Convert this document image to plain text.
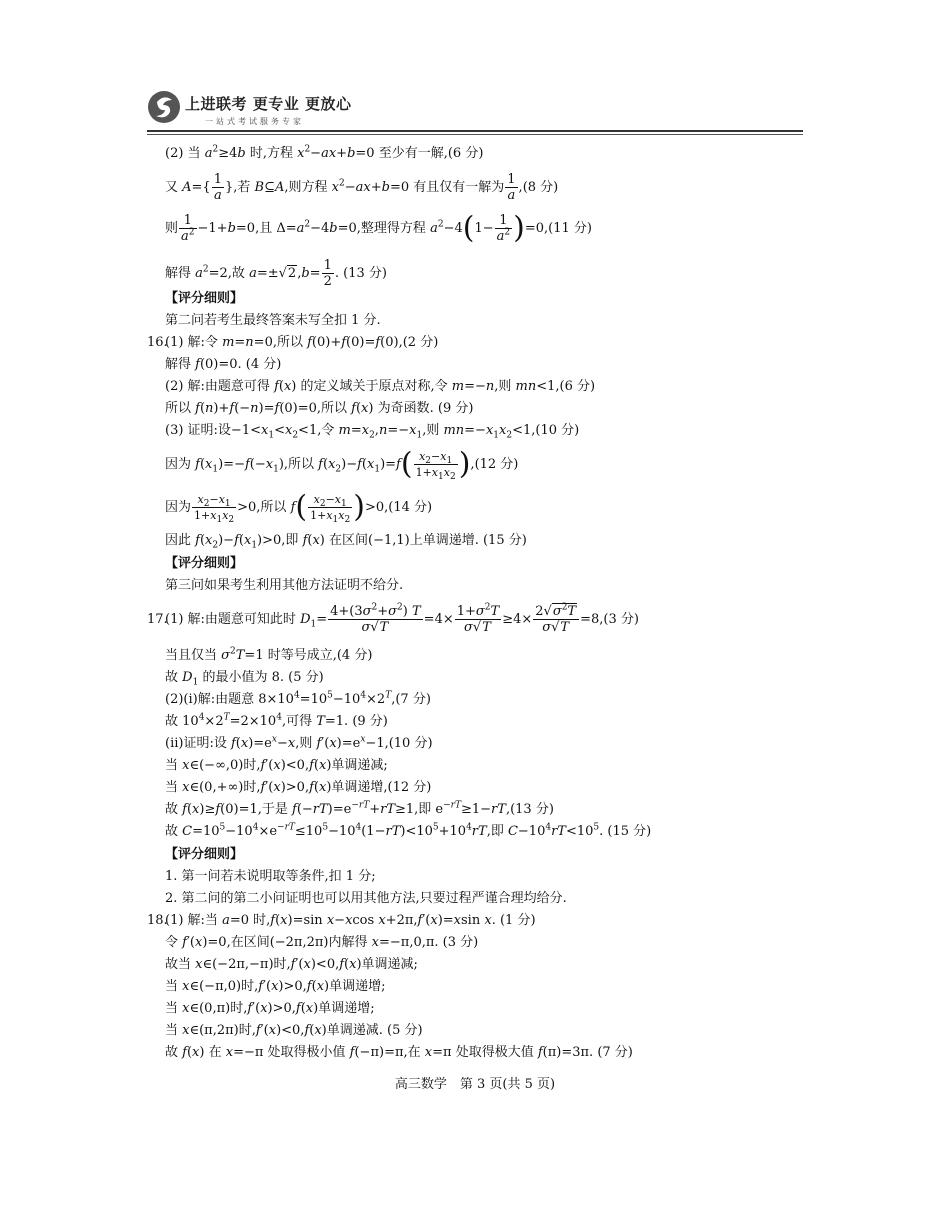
上进联考 更专业 更放心
一站式考试服务专家
(2) 当 $a^2\ge 4b$ 时,方程 $x^2-ax+b=0$ 至少有一解,(6 分)
又 $A=\{ \frac{1}{a}$ },若 B⊆A,则方程 $x^2-ax+b=0$ 有且仅有一解为 $\frac{1}{a} ,(8$ 分)
则 $\frac{1}{a^2} -1+b=0$,且 $\Delta=a^2-4b=0$,整理得方程 $a^2-4(1- \frac{1}{a^2} )=0,(11$ 分)
解得 $a^2=2$,故 $a=\pm√2,b= \frac{1}{2}$ . (13 分)
【评分细则】
第二问若考生最终答案未写全扣 1 分.
16.
(1) 解:令 m=n=0,所以 f(0)+f(0)=f(0),(2 分)
解得 f(0)=0. (4 分)
(2) 解:由题意可得 f(x) 的定义域关于原点对称,令 m=−n,则 mn<1,(6 分)
所以 f(n)+f(−n)=f(0)=0,所以 f(x) 为奇函数. (9 分)
(3) 证明:设$-1<x_1<x_2<1$,令 $m=x_2,n=-x_1$,则 $mn=-x_1x_2<1,(10$ 分)
因为 $f(x_1)=-f(-x_1)$,所以 $f(x_2)-f(x_1)=f( \frac{x_2-x_1}{1+x_1x_2} ),(12$ 分)
因为 $\frac{x_2-x_1}{1+x_1x_2} >0$,所以 $f( \frac{x_2-x_1}{1+x_1x_2} )>0,(14$ 分)
因此 $f(x_2)-f(x_1)>0$,即 f(x) 在区间(−1,1)上单调递增. (15 分)
【评分细则】
第三问如果考生利用其他方法证明不给分.
17.
(1) 解:由题意可知此时 $D_1= \frac{4+(3\sigma^2+\sigma^2) T}{\sigma√T} =4\times \frac{1+\sigma^2T}{\sigma√T} \ge 4\times \frac{2√\sigma^2T}{\sigma√T} =8,(3$ 分)
当且仅当 $\sigma^2T=1$ 时等号成立,(4 分)
故 $D_1$ 的最小值为 8. (5 分)
(2)(ⅰ)解:由题意 $8\times 10^4=10^5-10^4\times 2^T,(7$ 分)
故 $10^4\times 2^T=2\times 10^4$,可得 T=1. (9 分)
(ⅱ)证明:设 $f(x)=e^x-x$,则 $f'(x)=e^x-1,(10$ 分)
当 x∈(−∞,0)时,f′(x)<0,f(x)单调递减;
当 x∈(0,+∞)时,f′(x)>0,f(x)单调递增,(12 分)
故 f(x)≥f(0)=1,于是 $f(-rT)=e^{-rT}+rT\ge 1$,即 $e^{-rT}\ge 1-rT,(13$ 分)
故 $C=10^5-10^4\times e^{-rT}\le 10^5-10^4(1-rT)<10^5+10^4rT$,即 $C-10^4rT<10^5$. (15 分)
【评分细则】
1. 第一问若未说明取等条件,扣 1 分;
2. 第二问的第二小问证明也可以用其他方法,只要过程严谨合理均给分.
18.
(1) 解:当 a=0 时,f(x)=sin x−xcos x+2π,f′(x)=xsin x. (1 分)
令 f′(x)=0,在区间(−2π,2π)内解得 x=−π,0,π. (3 分)
故当 x∈(−2π,−π)时,f′(x)<0,f(x)单调递减;
当 x∈(−π,0)时,f′(x)>0,f(x)单调递增;
当 x∈(0,π)时,f′(x)>0,f(x)单调递增;
当 x∈(π,2π)时,f′(x)<0,f(x)单调递减. (5 分)
故 f(x) 在 x=−π 处取得极小值 f(−π)=π,在 x=π 处取得极大值 f(π)=3π. (7 分)
高三数学　第 3 页(共 5 页)
